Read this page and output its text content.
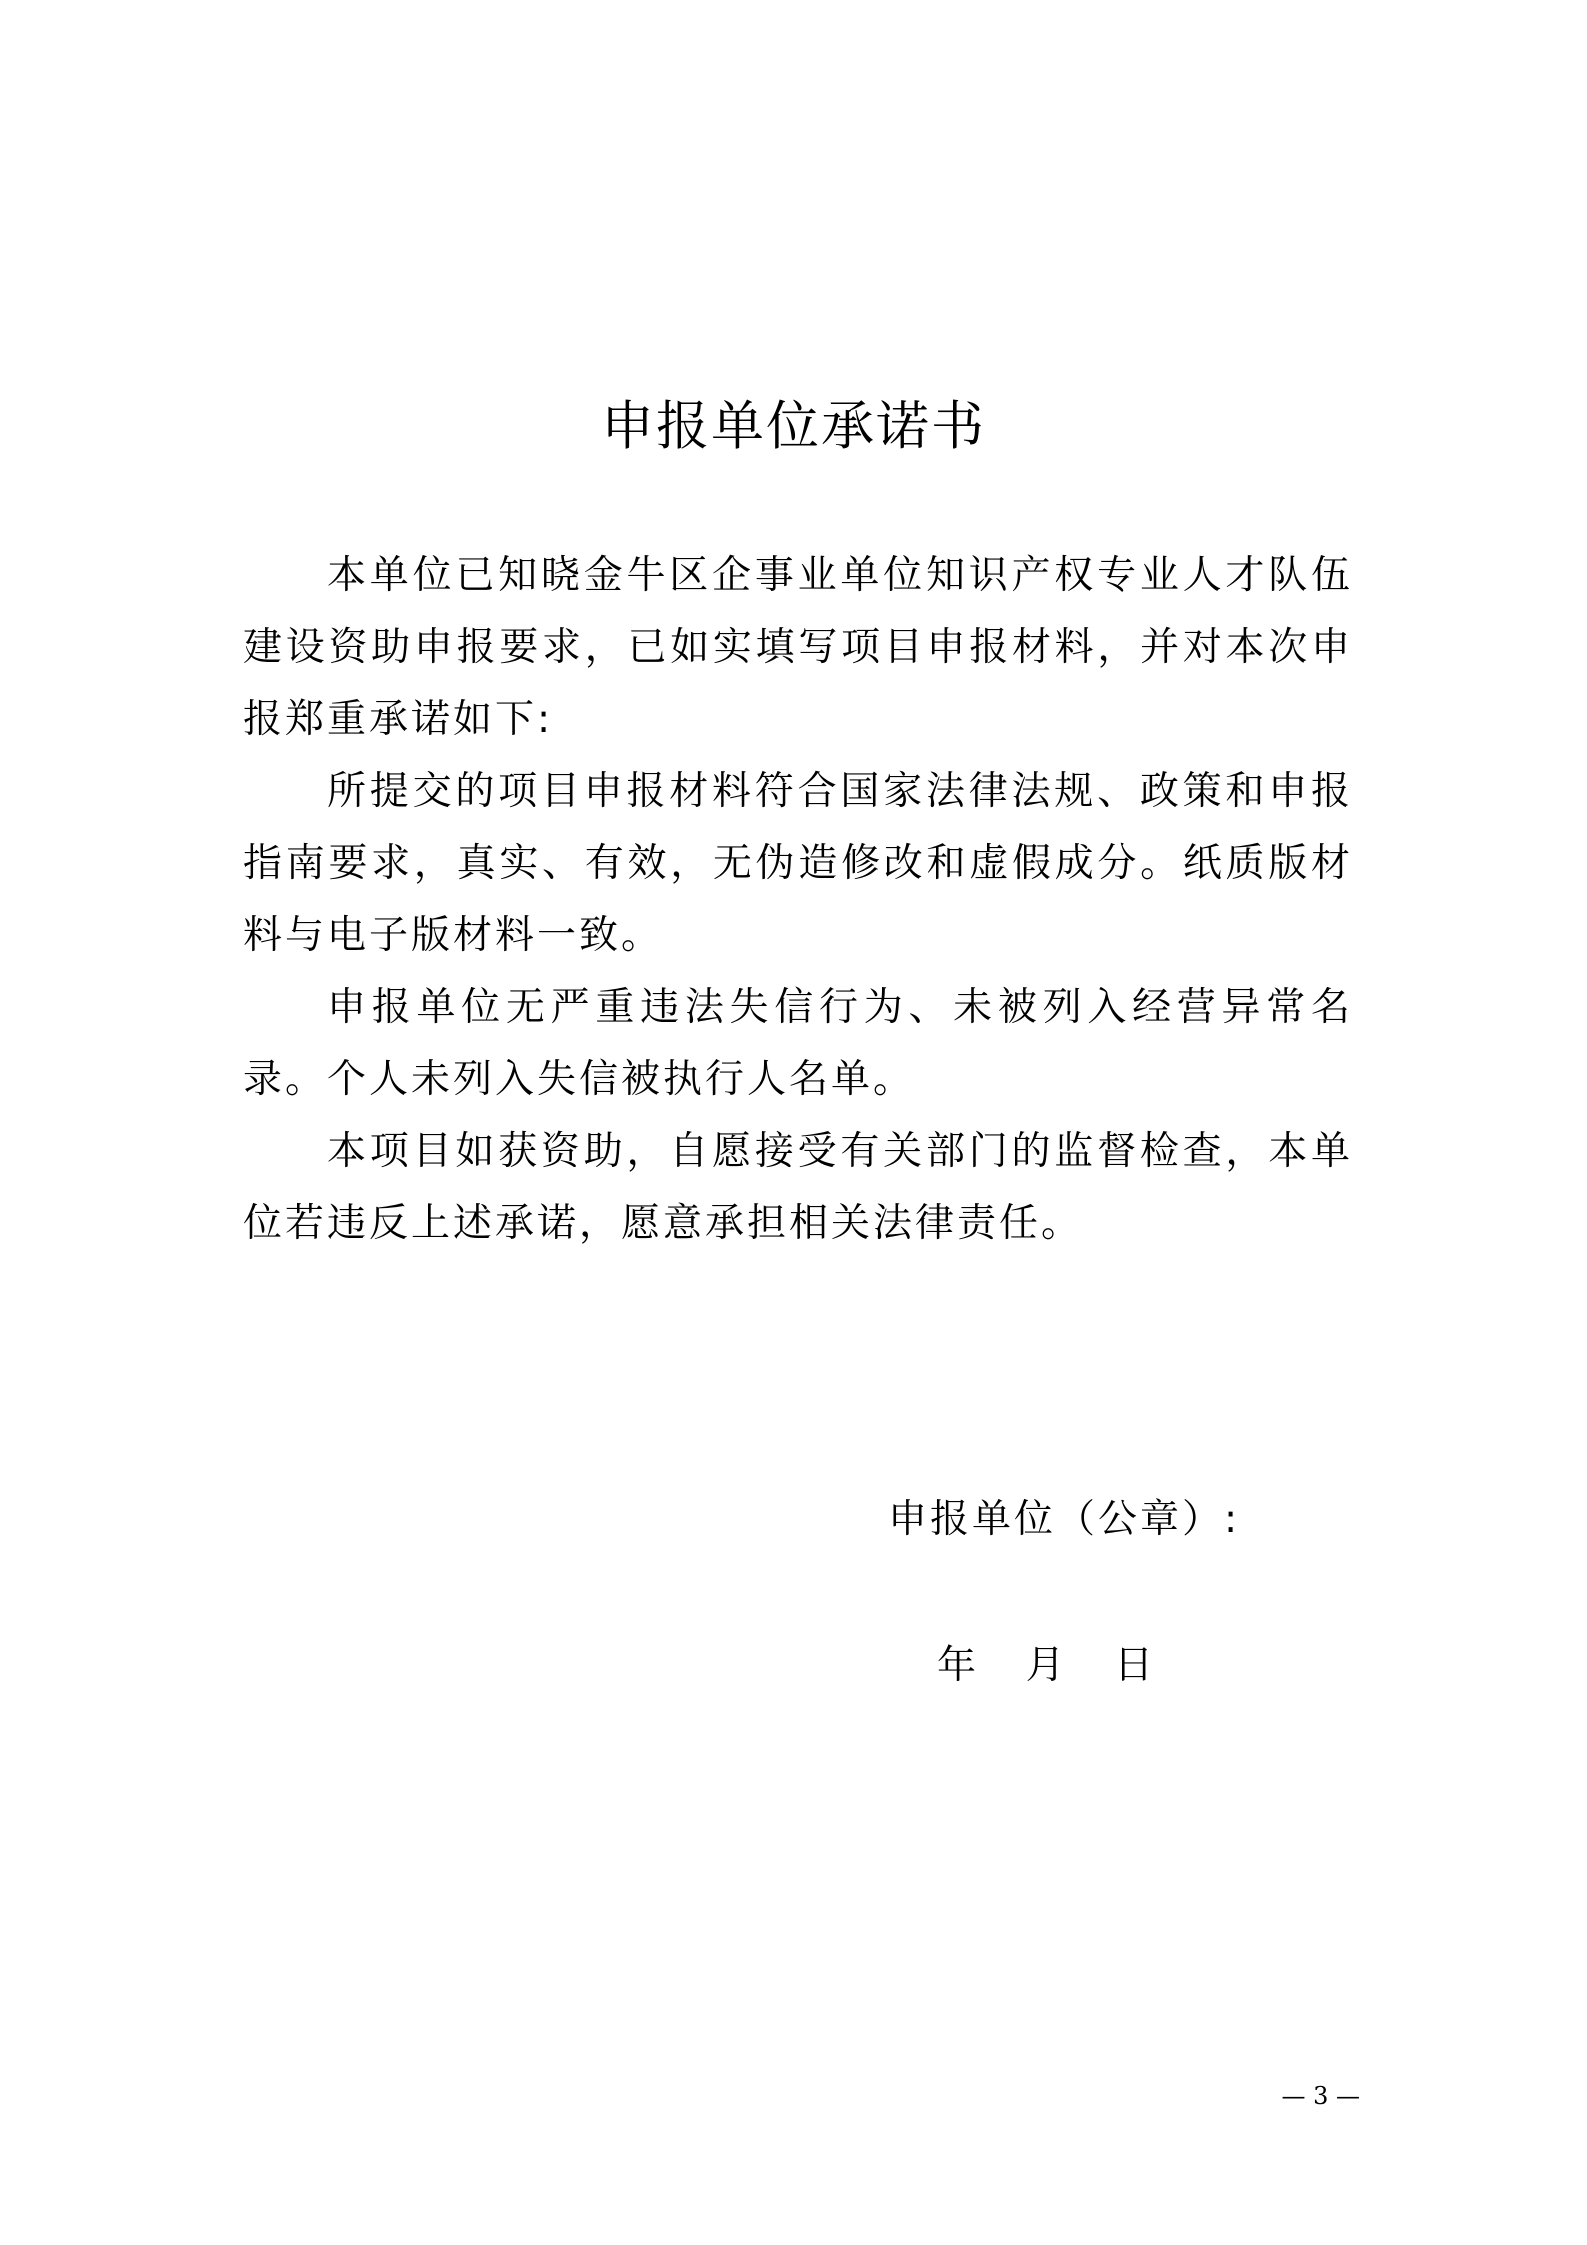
申报单位承诺书

本单位已知晓金牛区企事业单位知识产权专业人才队伍建设资助申报要求，已如实填写项目申报材料，并对本次申报郑重承诺如下:

所提交的项目申报材料符合国家法律法规、政策和申报指南要求，真实、有效，无伪造修改和虚假成分。纸质版材料与电子版材料一致。

申报单位无严重违法失信行为、未被列入经营异常名录。个人未列入失信被执行人名单。

本项目如获资助，自愿接受有关部门的监督检查，本单位若违反上述承诺，愿意承担相关法律责任。

申报单位（公章）:
年    月    日
— 3 —
